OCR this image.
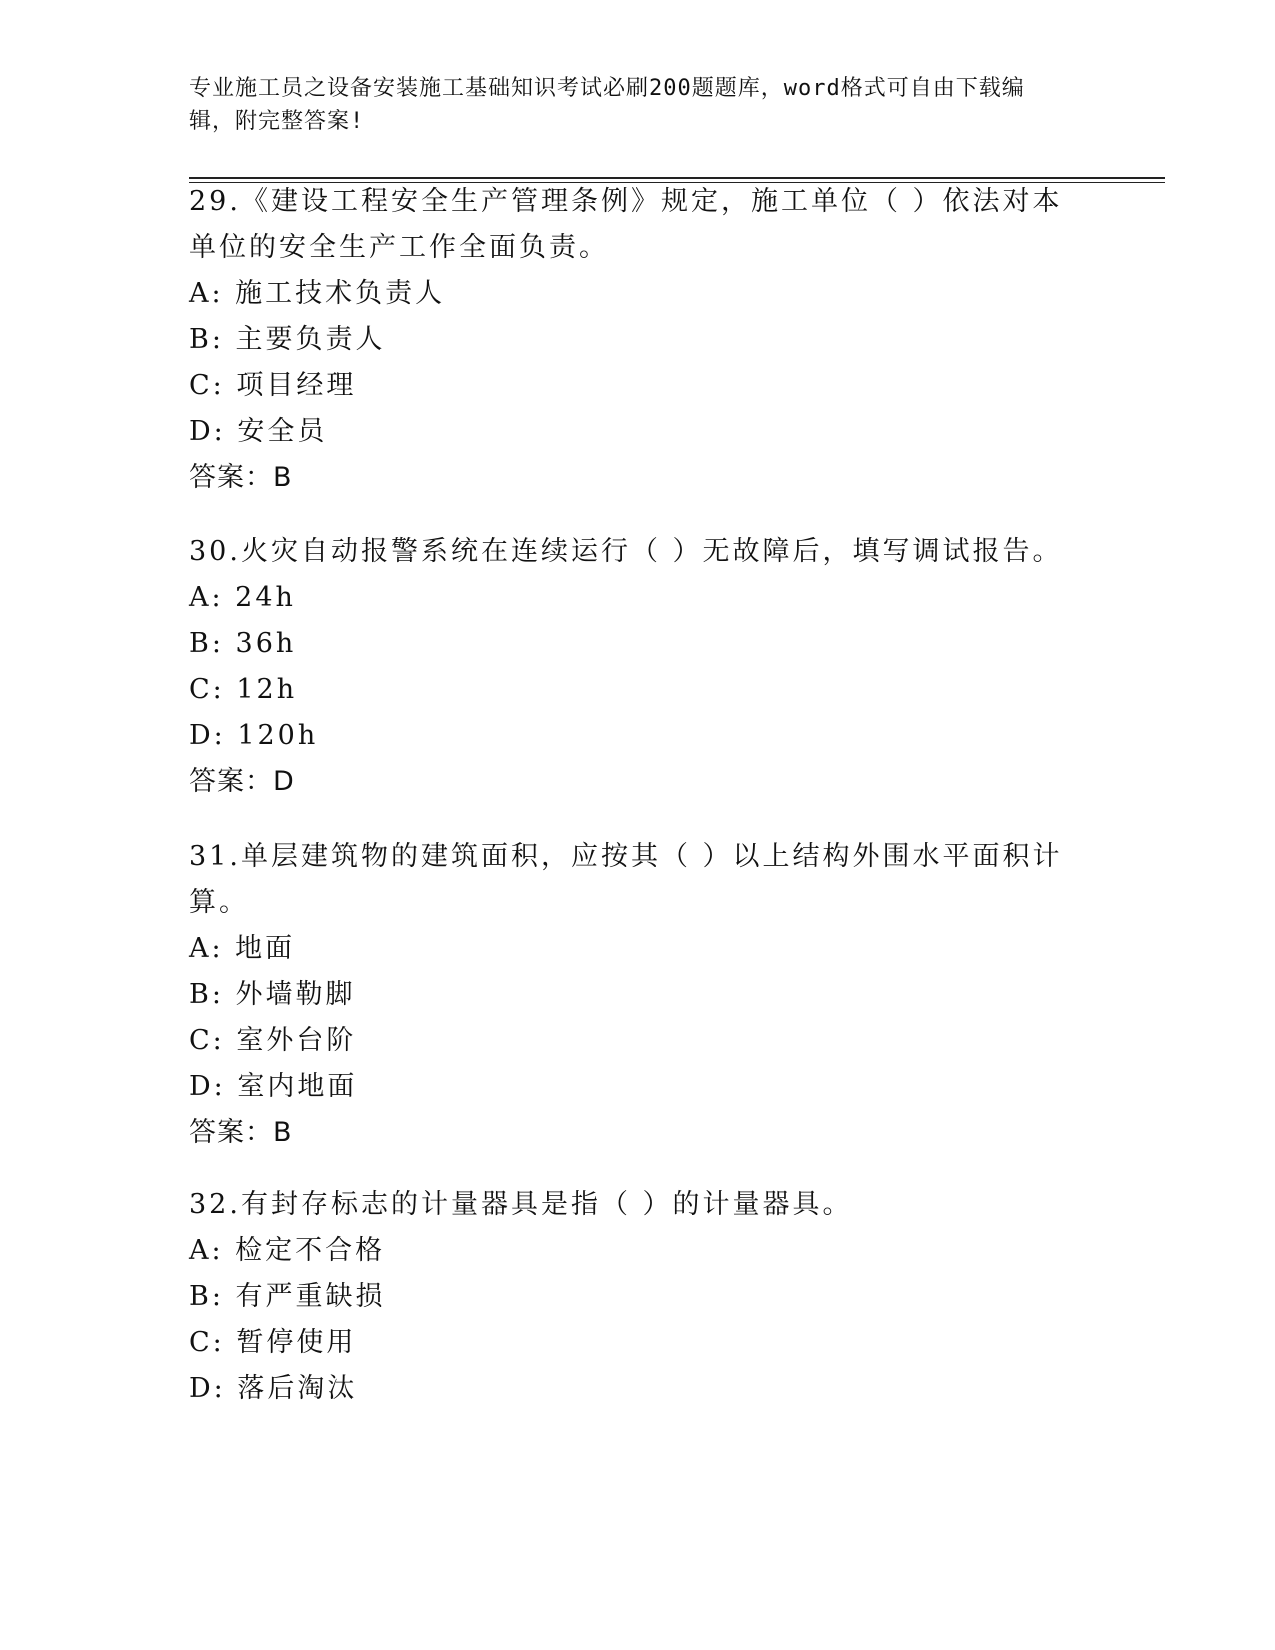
专业施工员之设备安装施工基础知识考试必刷200题题库，word格式可自由下载编辑，附完整答案!

29.《建设工程安全生产管理条例》规定，施工单位（ ）依法对本单位的安全生产工作全面负责。

A: 施工技术负责人

B: 主要负责人

C: 项目经理

D: 安全员

答案：B

30.火灾自动报警系统在连续运行（ ）无故障后，填写调试报告。

A: 24h

B: 36h

C: 12h

D: 120h

答案：D

31.单层建筑物的建筑面积，应按其（ ）以上结构外围水平面积计算。

A: 地面

B: 外墙勒脚

C: 室外台阶

D: 室内地面

答案：B

32.有封存标志的计量器具是指（ ）的计量器具。

A: 检定不合格

B: 有严重缺损

C: 暂停使用

D: 落后淘汰
